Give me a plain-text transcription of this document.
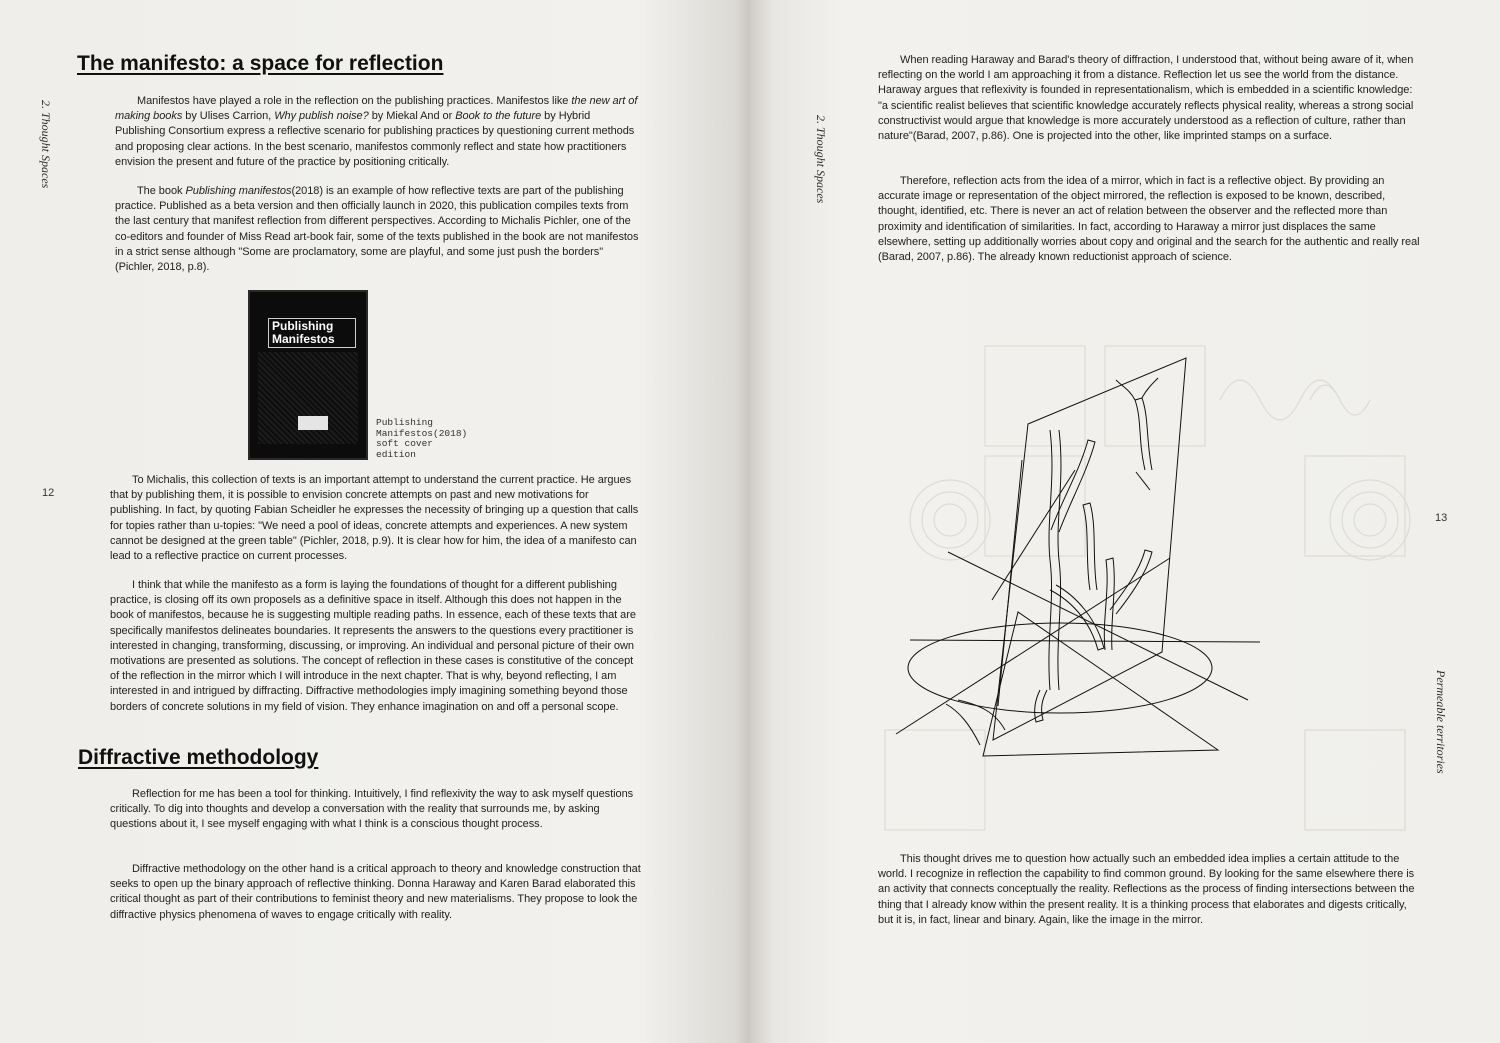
2. Thought Spaces
12
The manifesto: a space for reflection

Manifestos have played a role in the reflection on the publishing practices. Manifestos like the new art of making books by Ulises Carrion, Why publish noise? by Miekal And or Book to the future by Hybrid Publishing Consortium express a reflective scenario for publishing practices by questioning current methods and proposing clear actions. In the best scenario, manifestos commonly reflect and state how practitioners envision the present and future of the practice by positioning critically.

The book Publishing manifestos(2018) is an example of how reflective texts are part of the publishing practice. Published as a beta version and then officially launch in 2020, this publication compiles texts from the last century that manifest reflection from different perspectives. According to Michalis Pichler, one of the co-editors and founder of Miss Read art-book fair, some of the texts published in the book are not manifestos in a strict sense although "Some are proclamatory, some are playful, and some just push the borders" (Pichler, 2018, p.8).

Publishing Manifestos
Publishing Manifestos(2018) soft cover edition

To Michalis, this collection of texts is an important attempt to understand the current practice. He argues that by publishing them, it is possible to envision concrete attempts on past and new motivations for publishing. In fact, by quoting Fabian Scheidler he expresses the necessity of bringing up a question that calls for topies rather than u-topies: "We need a pool of ideas, concrete attempts and experiences. A new system cannot be designed at the green table" (Pichler, 2018, p.9). It is clear how for him, the idea of a manifesto can lead to a reflective practice on current processes.

I think that while the manifesto as a form is laying the foundations of thought for a different publishing practice, is closing off its own proposels as a definitive space in itself. Although this does not happen in the book of manifestos, because he is suggesting multiple reading paths. In essence, each of these texts that are specifically manifestos delineates boundaries. It represents the answers to the questions every practitioner is interested in changing, transforming, discussing, or improving. An individual and personal picture of their own motivations are presented as solutions. The concept of reflection in these cases is constitutive of the concept of the reflection in the mirror which I will introduce in the next chapter. That is why, beyond reflecting, I am interested in and intrigued by diffracting. Diffractive methodologies imply imagining something beyond those borders of concrete solutions in my field of vision. They enhance imagination on and off a personal scope.

Diffractive methodology

Reflection for me has been a tool for thinking. Intuitively, I find reflexivity the way to ask myself questions critically. To dig into thoughts and develop a conversation with the reality that surrounds me, by asking questions about it, I see myself engaging with what I think is a conscious thought process.

Diffractive methodology on the other hand is a critical approach to theory and knowledge construction that seeks to open up the binary approach of reflective thinking. Donna Haraway and Karen Barad elaborated this critical thought as part of their contributions to feminist theory and new materialisms. They propose to look the diffractive physics phenomena of waves to engage critically with reality.

2. Thought Spaces
Permeable territories
13

When reading Haraway and Barad's theory of diffraction, I understood that, without being aware of it, when reflecting on the world I am approaching it from a distance. Reflection let us see the world from the distance. Haraway argues that reflexivity is founded in representationalism, which is embedded in a scientific knowledge: "a scientific realist believes that scientific knowledge accurately reflects physical reality, whereas a strong social constructivist would argue that knowledge is more accurately understood as a reflection of culture, rather than nature"(Barad, 2007, p.86). One is projected into the other, like imprinted stamps on a surface.

Therefore, reflection acts from the idea of a mirror, which in fact is a reflective object. By providing an accurate image or representation of the object mirrored, the reflection is exposed to be known, described, thought, identified, etc. There is never an act of relation between the observer and the reflected more than proximity and identification of similarities. In fact, according to Haraway a mirror just displaces the same elsewhere, setting up additionally worries about copy and original and the search for the authentic and really real (Barad, 2007, p.86). The already known reductionist approach of science.

This thought drives me to question how actually such an embedded idea implies a certain attitude to the world. I recognize in reflection the capability to find common ground. By looking for the same elsewhere there is an activity that connects conceptually the reality. Reflections as the process of finding intersections between the thing that I already know within the present reality. It is a thinking process that elaborates and digests critically, but it is, in fact, linear and binary. Again, like the image in the mirror.
